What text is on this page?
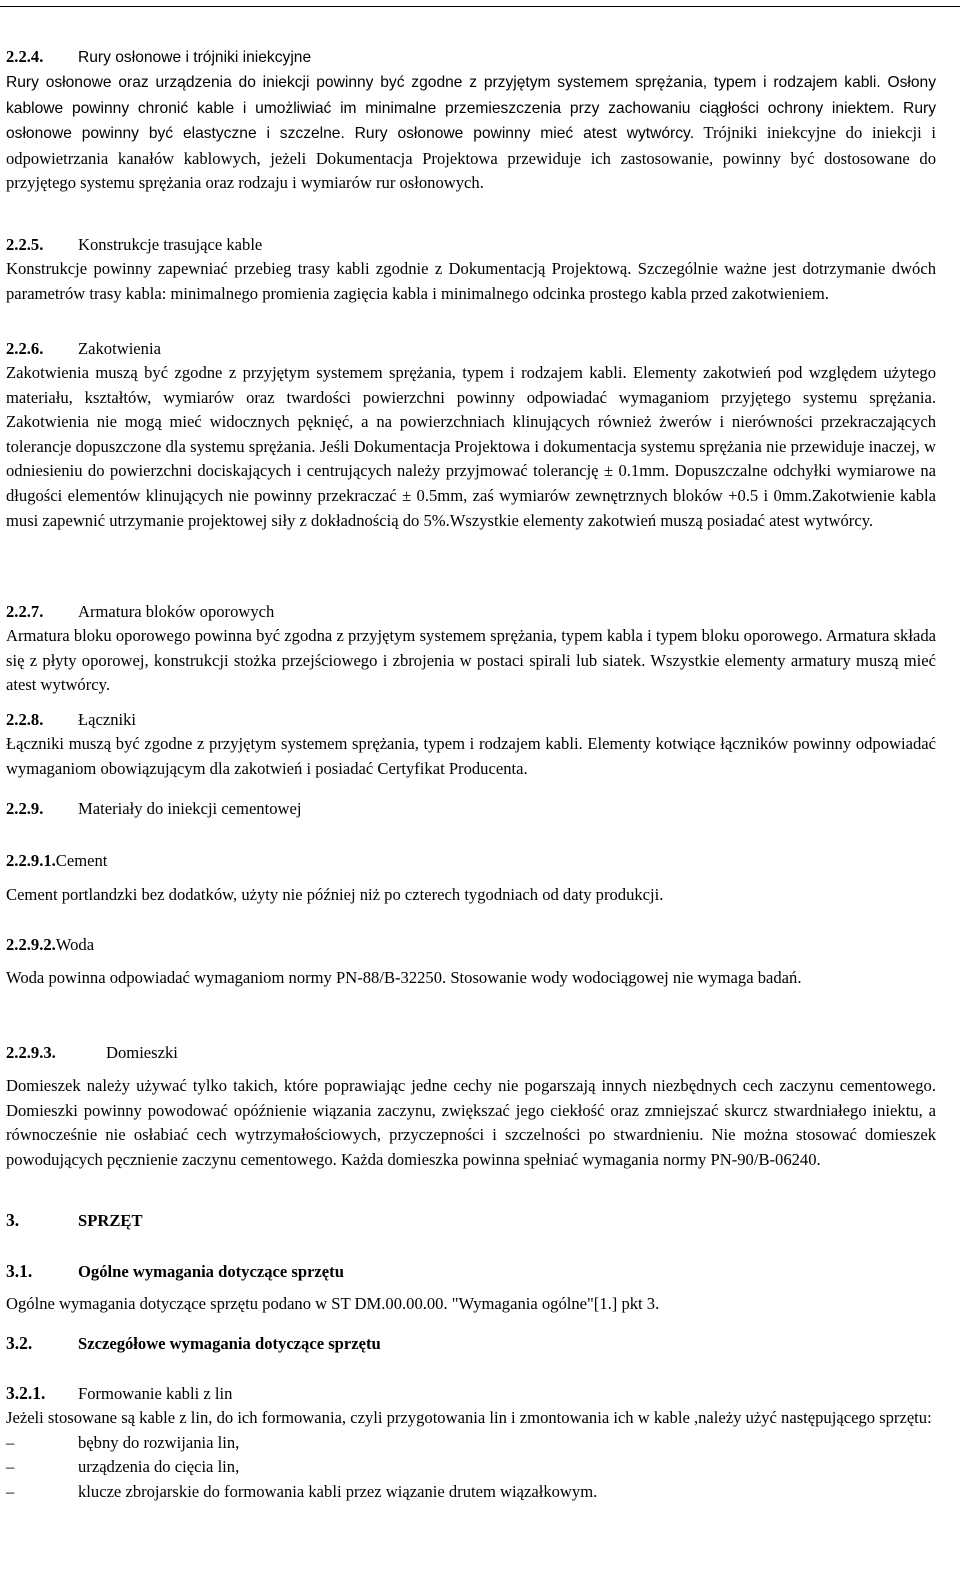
2.2.4. Rury osłonowe i trójniki iniekcyjne

Rury osłonowe oraz urządzenia do iniekcji powinny być zgodne z przyjętym systemem sprężania, typem i rodzajem kabli. Osłony kablowe powinny chronić kable i umożliwiać im minimalne przemieszczenia przy zachowaniu ciągłości ochrony iniektem. Rury osłonowe powinny być elastyczne i szczelne. Rury osłonowe powinny mieć atest wytwórcy. Trójniki iniekcyjne do iniekcji i odpowietrzania kanałów kablowych, jeżeli Dokumentacja Projektowa przewiduje ich zastosowanie, powinny być dostosowane do przyjętego systemu sprężania oraz rodzaju i wymiarów rur osłonowych.

2.2.5. Konstrukcje trasujące kable

Konstrukcje powinny zapewniać przebieg trasy kabli zgodnie z Dokumentacją Projektową. Szczególnie ważne jest dotrzymanie dwóch parametrów trasy kabla: minimalnego promienia zagięcia kabla i minimalnego odcinka prostego kabla przed zakotwieniem.

2.2.6. Zakotwienia

Zakotwienia muszą być zgodne z przyjętym systemem sprężania, typem i rodzajem kabli. Elementy zakotwień pod względem użytego materiału, kształtów, wymiarów oraz twardości powierzchni powinny odpowiadać wymaganiom przyjętego systemu sprężania. Zakotwienia nie mogą mieć widocznych pęknięć, a na powierzchniach klinujących również żwerów i nierówności przekraczających tolerancje dopuszczone dla systemu sprężania. Jeśli Dokumentacja Projektowa i dokumentacja systemu sprężania nie przewiduje inaczej, w odniesieniu do powierzchni dociskających i centrujących należy przyjmować tolerancję ± 0.1mm. Dopuszczalne odchyłki wymiarowe na długości elementów klinujących nie powinny przekraczać ± 0.5mm, zaś wymiarów zewnętrznych bloków +0.5 i 0mm.Zakotwienie kabla musi zapewnić utrzymanie projektowej siły z dokładnością do 5%.Wszystkie elementy zakotwień muszą posiadać atest wytwórcy.

2.2.7. Armatura bloków oporowych

Armatura bloku oporowego powinna być zgodna z przyjętym systemem sprężania, typem kabla i typem bloku oporowego. Armatura składa się z płyty oporowej, konstrukcji stożka przejściowego i zbrojenia w postaci spirali lub siatek. Wszystkie elementy armatury muszą mieć atest wytwórcy.

2.2.8. Łączniki

Łączniki muszą być zgodne z przyjętym systemem sprężania, typem i rodzajem kabli. Elementy kotwiące łączników powinny odpowiadać wymaganiom obowiązującym dla zakotwień i posiadać Certyfikat Producenta.

2.2.9. Materiały do iniekcji cementowej

2.2.9.1.Cement

Cement portlandzki bez dodatków, użyty nie później niż po czterech tygodniach od daty produkcji.

2.2.9.2.Woda

Woda powinna odpowiadać wymaganiom normy PN-88/B-32250. Stosowanie wody wodociągowej nie wymaga badań.

2.2.9.3.	Domieszki

Domieszek należy używać tylko takich, które poprawiając jedne cechy nie pogarszają innych niezbędnych cech zaczynu cementowego. Domieszki powinny powodować opóźnienie wiązania zaczynu, zwiększać jego ciekłość oraz zmniejszać skurcz stwardniałego iniektu, a równocześnie nie osłabiać cech wytrzymałościowych, przyczepności i szczelności po stwardnieniu. Nie można stosować domieszek powodujących pęcznienie zaczynu cementowego. Każda domieszka powinna spełniać wymagania normy PN-90/B-06240.

3.	SPRZĘT

3.1.	Ogólne wymagania dotyczące sprzętu

Ogólne wymagania dotyczące sprzętu podano w ST DM.00.00.00. "Wymagania ogólne"[1.] pkt 3.

3.2.	Szczegółowe wymagania dotyczące sprzętu

3.2.1. Formowanie kabli z lin

Jeżeli stosowane są kable z lin, do ich formowania, czyli przygotowania lin i zmontowania ich w kable ,należy użyć następującego sprzętu:

–	bębny do rozwijania lin,
–	urządzenia do cięcia lin,
–	klucze zbrojarskie do formowania kabli przez wiązanie drutem wiązałkowym.
